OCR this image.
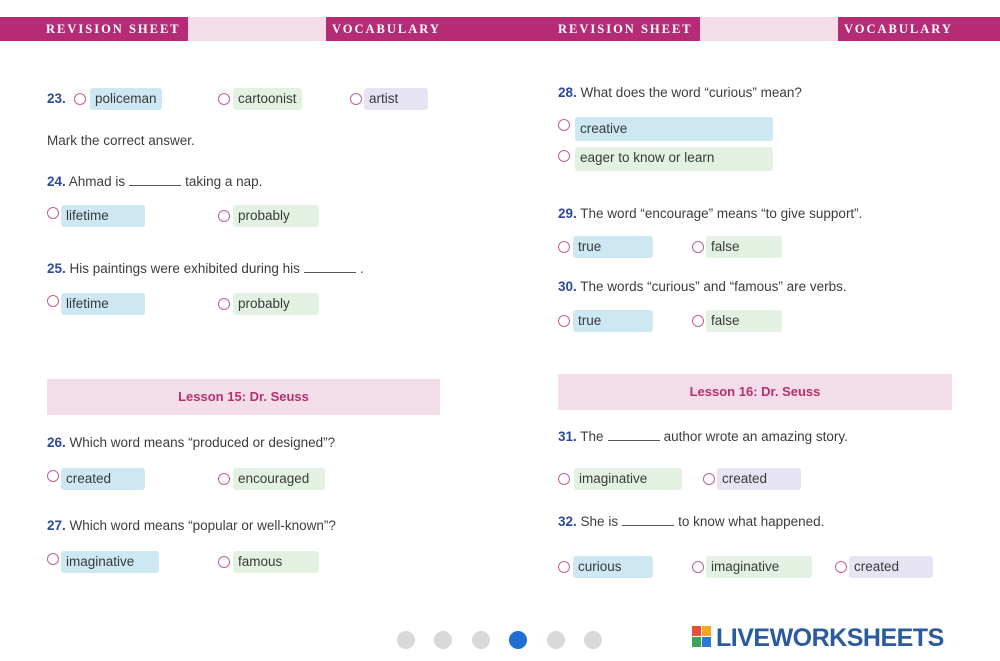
REVISION SHEET	VOCABULARY	REVISION SHEET	VOCABULARY
23.	policeman	cartoonist	artist
Mark the correct answer.
24. Ahmad is	taking a nap.
lifetime	probably
25. His paintings were exhibited during his	.
lifetime	probably
Lesson 15: Dr. Seuss
26. Which word means “produced or designed”?
created	encouraged
27. Which word means “popular or well-known”?
imaginative	famous
28. What does the word “curious” mean?
creative
eager to know or learn
29. The word “encourage” means “to give support”.
true	false
30. The words “curious” and “famous” are verbs.
true	false
Lesson 16: Dr. Seuss
31. The	author wrote an amazing story.
imaginative	created
32. She is	to know what happened.
curious	imaginative	created
LIVEWORKSHEETS
